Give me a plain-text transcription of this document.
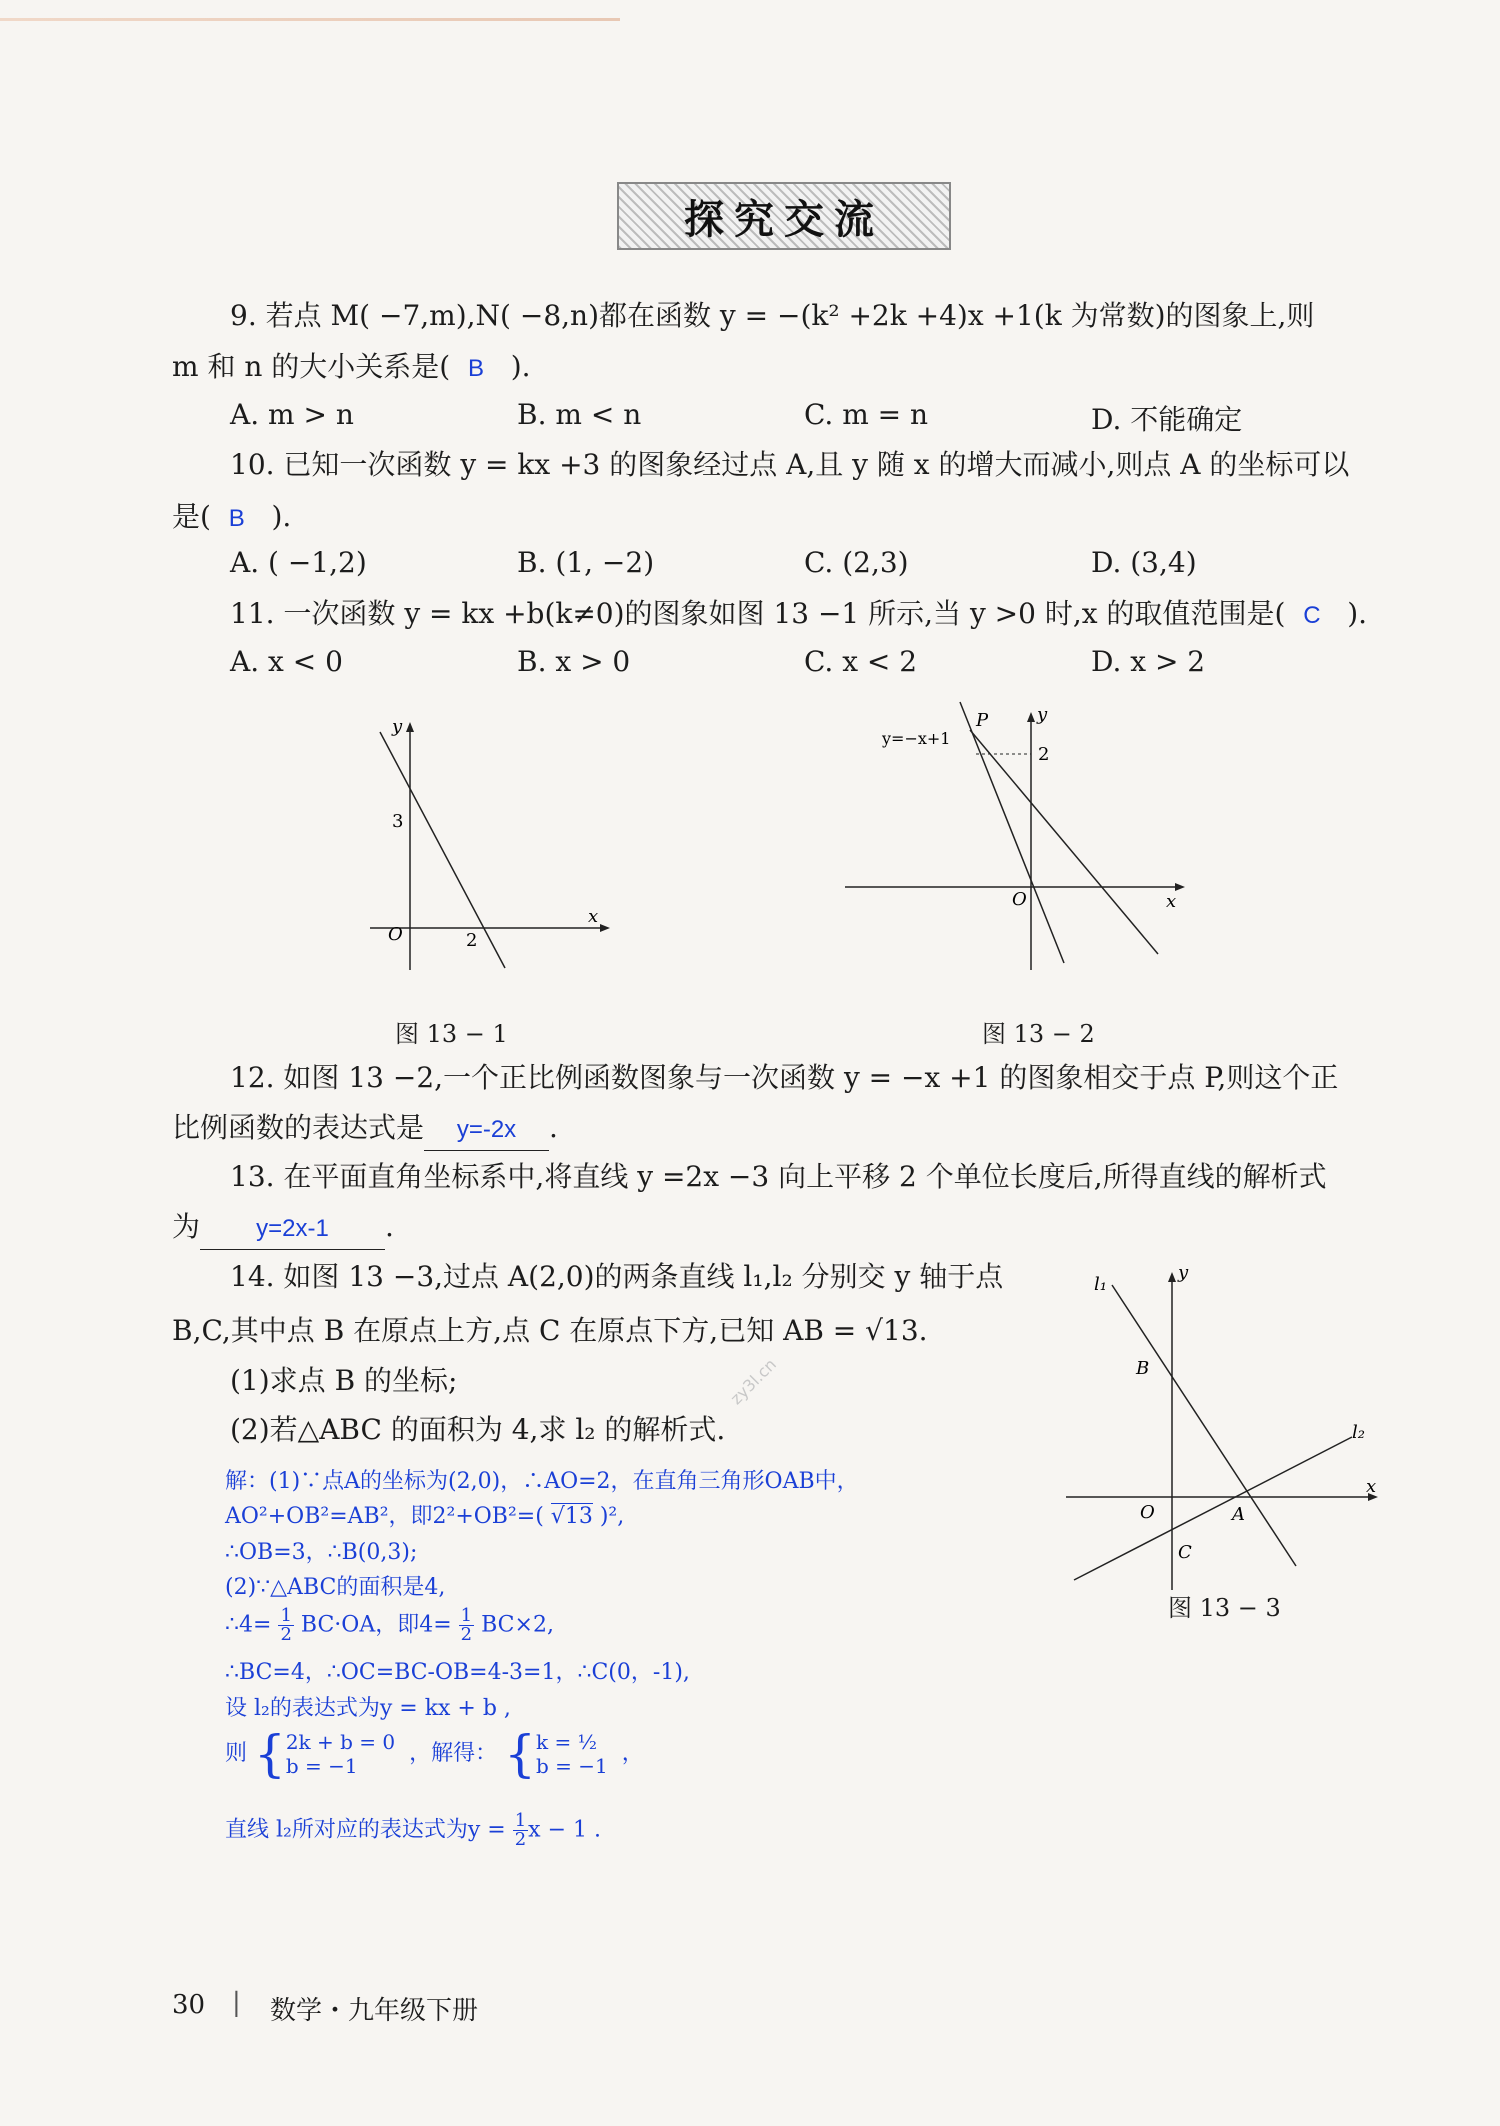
探究交流
9. 若点 M( −7,m),N( −8,n)都在函数 y = −(k² +2k +4)x +1(k 为常数)的图象上,则
m 和 n 的大小关系是( B ).
A. m > n	B. m < n	C. m = n	D. 不能确定
10. 已知一次函数 y = kx +3 的图象经过点 A,且 y 随 x 的增大而减小,则点 A 的坐标可以
是( B ).
A. ( −1,2)	B. (1, −2)	C. (2,3)	D. (3,4)
11. 一次函数 y = kx +b(k≠0)的图象如图 13 −1 所示,当 y >0 时,x 的取值范围是( C ).
A. x < 0	B. x > 0	C. x < 2	D. x > 2
y
x
O
3
2
图 13 − 1
y
x
O
P
y=−x+1
2
图 13 − 2
12. 如图 13 −2,一个正比例函数图象与一次函数 y = −x +1 的图象相交于点 P,则这个正
比例函数的表达式是 y=-2x .
13. 在平面直角坐标系中,将直线 y =2x −3 向上平移 2 个单位长度后,所得直线的解析式
为 y=2x-1 .
14. 如图 13 −3,过点 A(2,0)的两条直线 l₁,l₂ 分别交 y 轴于点
B,C,其中点 B 在原点上方,点 C 在原点下方,已知 AB = √13.
(1)求点 B 的坐标;
(2)若△ABC 的面积为 4,求 l₂ 的解析式.
zy3l.cn
l₁
l₂
y
x
B
O	A
C
图 13 − 3
解：(1)∵点A的坐标为(2,0)，∴AO=2，在直角三角形OAB中，
AO²+OB²=AB²，即2²+OB²=( √13 )²,
∴OB=3，∴B(0,3);
(2)∵△ABC的面积是4,
∴4= $\frac{1}{2} BC\cdot OA$，即$4= \frac{1}{2} BC\times 2$,
∴BC=4，∴OC=BC-OB=4-3=1，∴C(0，-1),
设 l₂的表达式为y = kx + b ,
则 { 2k + b = 0
b = −1	，解得： { k = ½
b = −1 ，
直线 l₂所对应的表达式为$y = \frac{1}{2}$ x − 1 .
30 | 数学・九年级下册
